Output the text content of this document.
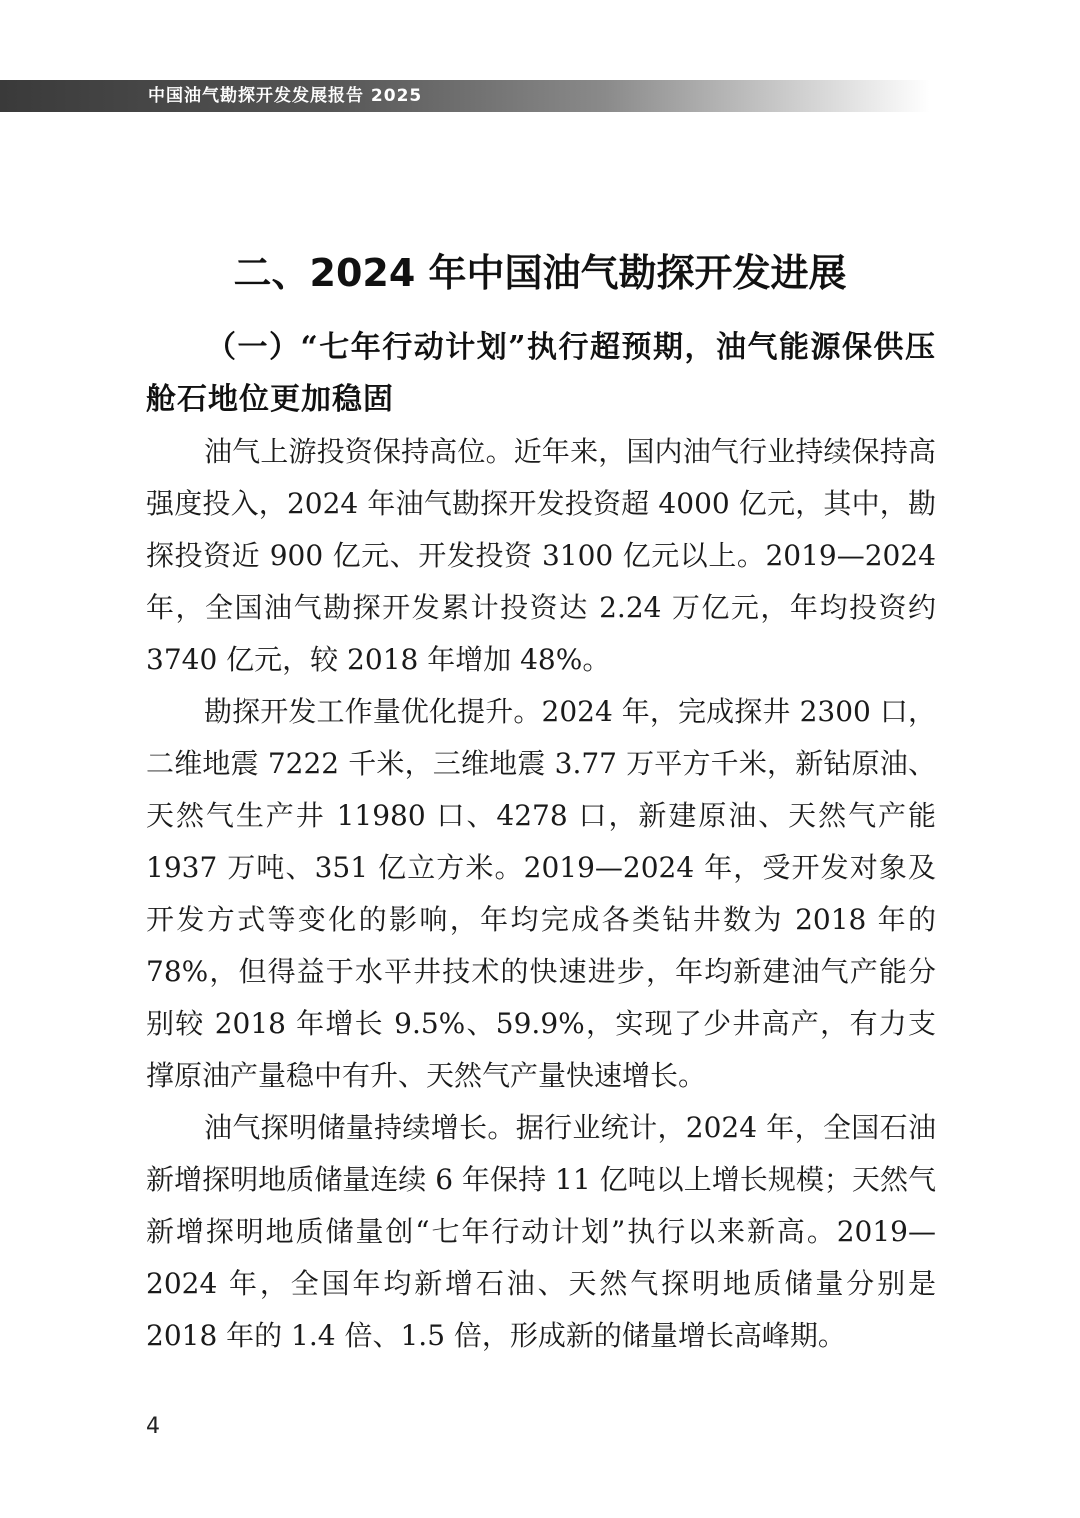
中国油气勘探开发发展报告 2025
二、2024 年中国油气勘探开发进展
（一）“七年行动计划”执行超预期，油气能源保供压舱石地位更加稳固

油气上游投资保持高位。近年来，国内油气行业持续保持高强度投入，2024 年油气勘探开发投资超 4000 亿元，其中，勘探投资近 900 亿元、开发投资 3100 亿元以上。2019—2024 年，全国油气勘探开发累计投资达 2.24 万亿元，年均投资约 3740 亿元，较 2018 年增加 48%。

勘探开发工作量优化提升。2024 年，完成探井 2300 口，二维地震 7222 千米，三维地震 3.77 万平方千米，新钻原油、天然气生产井 11980 口、4278 口，新建原油、天然气产能 1937 万吨、351 亿立方米。2019—2024 年，受开发对象及开发方式等变化的影响，年均完成各类钻井数为 2018 年的 78%，但得益于水平井技术的快速进步，年均新建油气产能分别较 2018 年增长 9.5%、59.9%，实现了少井高产，有力支撑原油产量稳中有升、天然气产量快速增长。

油气探明储量持续增长。据行业统计，2024 年，全国石油新增探明地质储量连续 6 年保持 11 亿吨以上增长规模；天然气新增探明地质储量创“七年行动计划”执行以来新高。2019—2024 年，全国年均新增石油、天然气探明地质储量分别是 2018 年的 1.4 倍、1.5 倍，形成新的储量增长高峰期。

4
